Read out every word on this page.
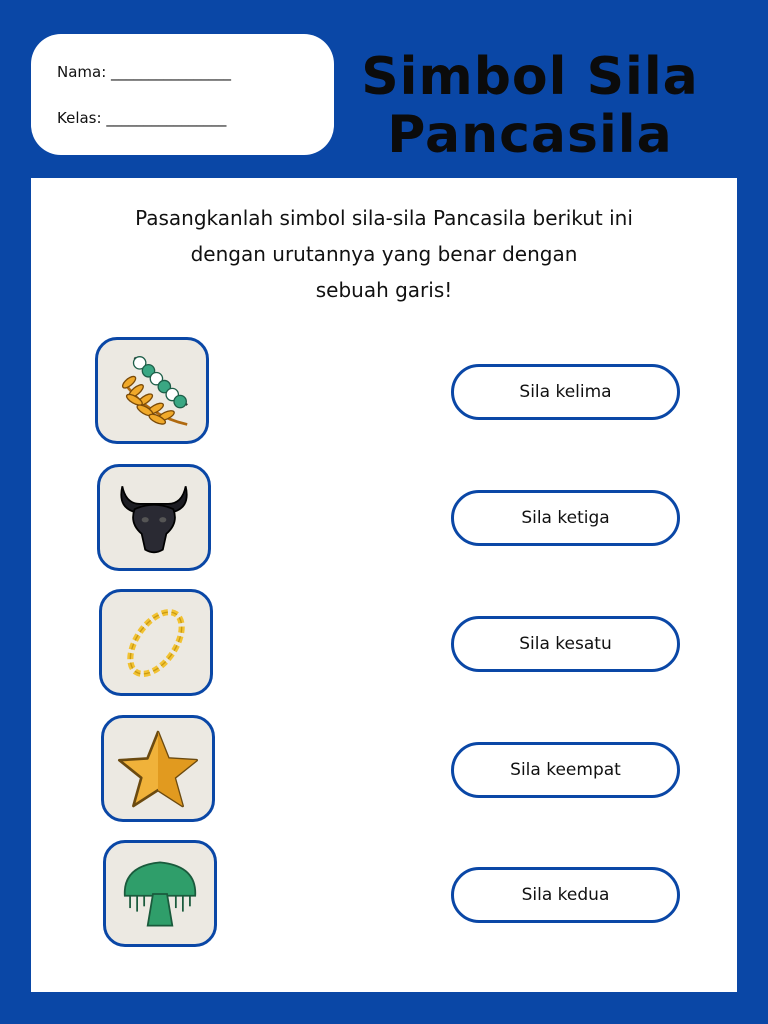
Nama: ________________
Kelas: ________________
Simbol Sila
Pancasila
Pasangkanlah simbol sila-sila Pancasila berikut ini
dengan urutannya yang benar dengan
sebuah garis!
Sila kelima
Sila ketiga
Sila kesatu
Sila keempat
Sila kedua
